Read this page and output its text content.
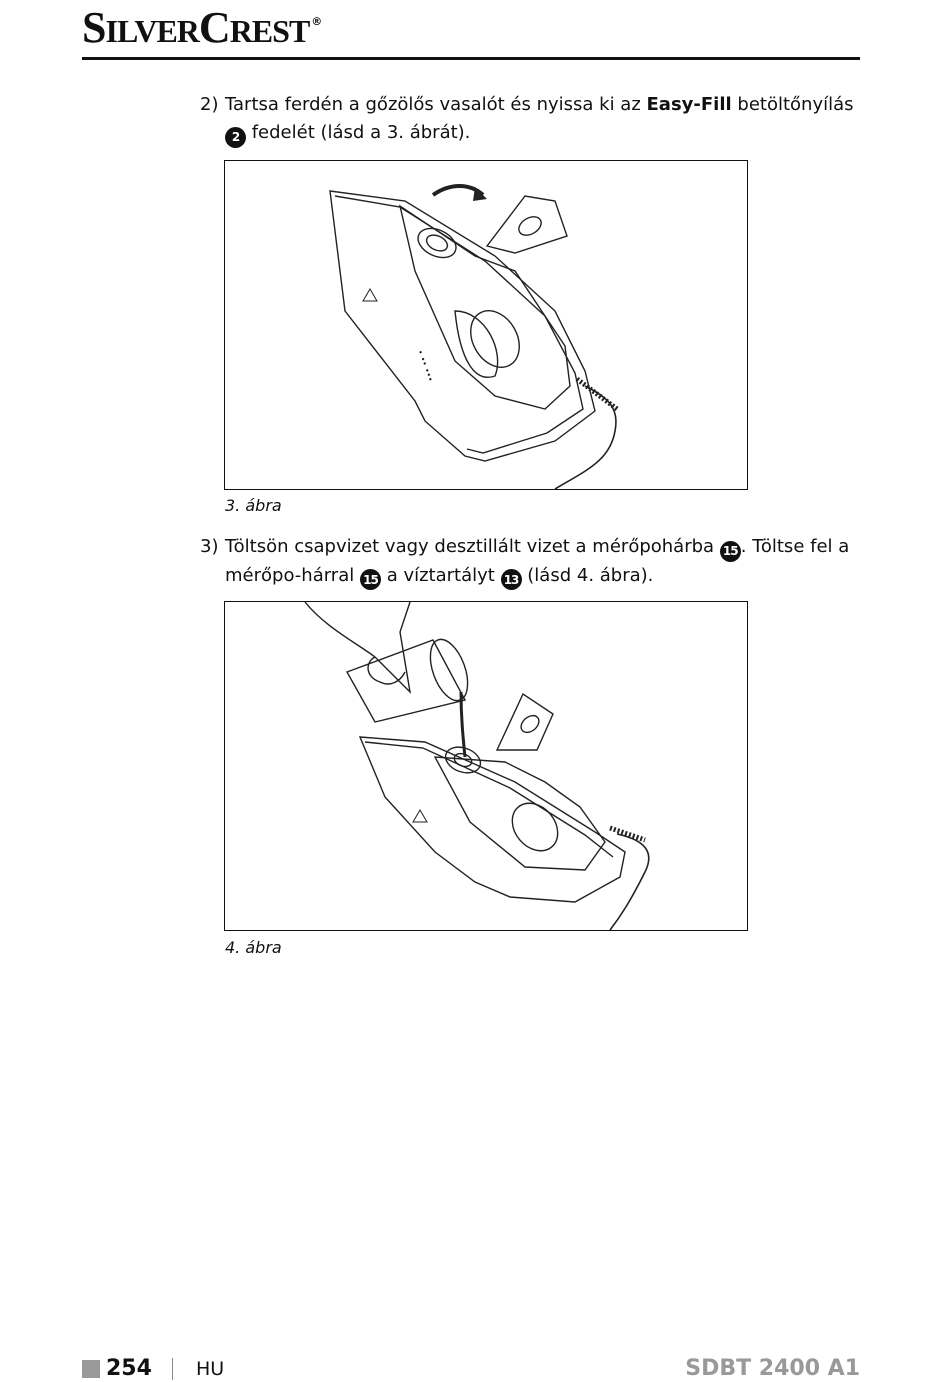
SILVERCREST ®
2) Tartsa ferdén a gőzölős vasalót és nyissa ki az Easy-Fill betöltőnyílás 2 fedelét (lásd a 3. ábrát).
• •• •••
3. ábra
3) Töltsön csapvizet vagy desztillált vizet a mérőpohárba 15 . Töltse fel a mérőpo-hárral 15 a víztartályt 13 (lásd 4. ábra).
4. ábra
254 HU	SDBT 2400 A1
